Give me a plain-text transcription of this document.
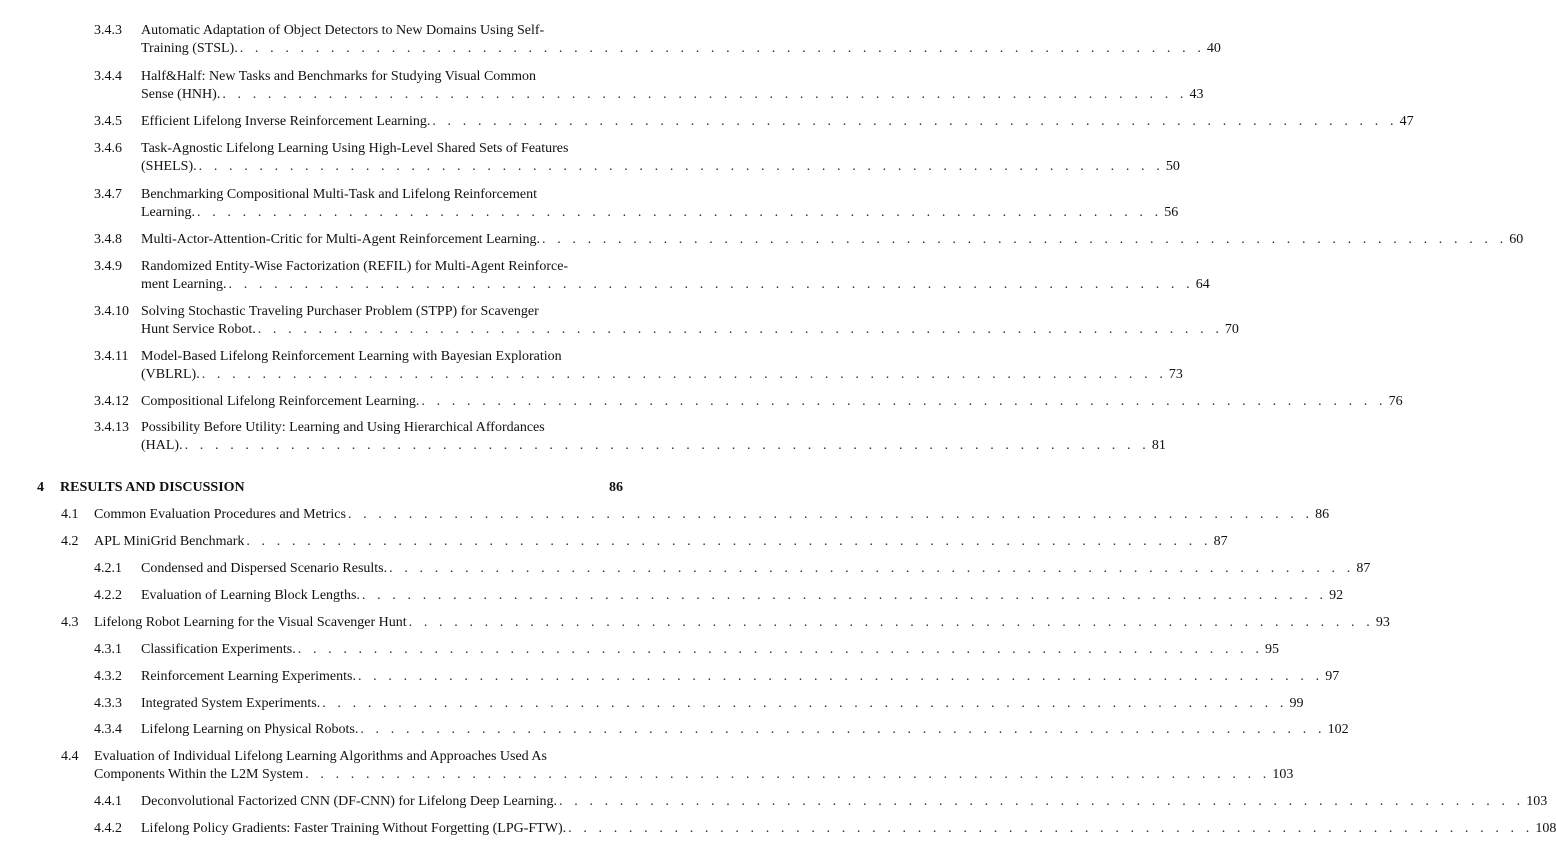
3.4.3 Automatic Adaptation of Object Detectors to New Domains Using Self-
Training (STSL). . . . . . . . . . . . . . . . . . . . . . . . . . . . . . . . . . . . . . . . . . . . . . . . . . . . . . . . . . . . . . . . . 40
3.4.4 Half&Half: New Tasks and Benchmarks for Studying Visual Common
Sense (HNH). . . . . . . . . . . . . . . . . . . . . . . . . . . . . . . . . . . . . . . . . . . . . . . . . . . . . . . . . . . . . . . . . 43
3.4.5 Efficient Lifelong Inverse Reinforcement Learning. . . . . . . . . . . . . . . . . . . . . . . . . . . . . . . . . . . . . . . . . . . . . . . . . . . . . . . . . . . . . . . . . 47
3.4.6 Task-Agnostic Lifelong Learning Using High-Level Shared Sets of Features
(SHELS). . . . . . . . . . . . . . . . . . . . . . . . . . . . . . . . . . . . . . . . . . . . . . . . . . . . . . . . . . . . . . . . . 50
3.4.7 Benchmarking Compositional Multi-Task and Lifelong Reinforcement
Learning. . . . . . . . . . . . . . . . . . . . . . . . . . . . . . . . . . . . . . . . . . . . . . . . . . . . . . . . . . . . . . . . . 56
3.4.8 Multi-Actor-Attention-Critic for Multi-Agent Reinforcement Learning. . . . . . . . . . . . . . . . . . . . . . . . . . . . . . . . . . . . . . . . . . . . . . . . . . . . . . . . . . . . . . . . . 60
3.4.9 Randomized Entity-Wise Factorization (REFIL) for Multi-Agent Reinforce-
ment Learning. . . . . . . . . . . . . . . . . . . . . . . . . . . . . . . . . . . . . . . . . . . . . . . . . . . . . . . . . . . . . . . . . 64
3.4.10 Solving Stochastic Traveling Purchaser Problem (STPP) for Scavenger
Hunt Service Robot. . . . . . . . . . . . . . . . . . . . . . . . . . . . . . . . . . . . . . . . . . . . . . . . . . . . . . . . . . . . . . . . . 70
3.4.11 Model-Based Lifelong Reinforcement Learning with Bayesian Exploration
(VBLRL). . . . . . . . . . . . . . . . . . . . . . . . . . . . . . . . . . . . . . . . . . . . . . . . . . . . . . . . . . . . . . . . . 73
3.4.12 Compositional Lifelong Reinforcement Learning. . . . . . . . . . . . . . . . . . . . . . . . . . . . . . . . . . . . . . . . . . . . . . . . . . . . . . . . . . . . . . . . . 76
3.4.13 Possibility Before Utility: Learning and Using Hierarchical Affordances
(HAL). . . . . . . . . . . . . . . . . . . . . . . . . . . . . . . . . . . . . . . . . . . . . . . . . . . . . . . . . . . . . . . . . 81
4 RESULTS AND DISCUSSION	86
4.1 Common Evaluation Procedures and Metrics . . . . . . . . . . . . . . . . . . . . . . . . . . . . . . . . . . . . . . . . . . . . . . . . . . . . . . . . . . . . . . . . 86
4.2 APL MiniGrid Benchmark . . . . . . . . . . . . . . . . . . . . . . . . . . . . . . . . . . . . . . . . . . . . . . . . . . . . . . . . . . . . . . . . 87
4.2.1 Condensed and Dispersed Scenario Results. . . . . . . . . . . . . . . . . . . . . . . . . . . . . . . . . . . . . . . . . . . . . . . . . . . . . . . . . . . . . . . . . 87
4.2.2 Evaluation of Learning Block Lengths. . . . . . . . . . . . . . . . . . . . . . . . . . . . . . . . . . . . . . . . . . . . . . . . . . . . . . . . . . . . . . . . . 92
4.3 Lifelong Robot Learning for the Visual Scavenger Hunt . . . . . . . . . . . . . . . . . . . . . . . . . . . . . . . . . . . . . . . . . . . . . . . . . . . . . . . . . . . . . . . . 93
4.3.1 Classification Experiments. . . . . . . . . . . . . . . . . . . . . . . . . . . . . . . . . . . . . . . . . . . . . . . . . . . . . . . . . . . . . . . . . 95
4.3.2 Reinforcement Learning Experiments. . . . . . . . . . . . . . . . . . . . . . . . . . . . . . . . . . . . . . . . . . . . . . . . . . . . . . . . . . . . . . . . . 97
4.3.3 Integrated System Experiments. . . . . . . . . . . . . . . . . . . . . . . . . . . . . . . . . . . . . . . . . . . . . . . . . . . . . . . . . . . . . . . . . 99
4.3.4 Lifelong Learning on Physical Robots. . . . . . . . . . . . . . . . . . . . . . . . . . . . . . . . . . . . . . . . . . . . . . . . . . . . . . . . . . . . . . . . . 102
4.4 Evaluation of Individual Lifelong Learning Algorithms and Approaches Used As
Components Within the L2M System . . . . . . . . . . . . . . . . . . . . . . . . . . . . . . . . . . . . . . . . . . . . . . . . . . . . . . . . . . . . . . . . 103
4.4.1 Deconvolutional Factorized CNN (DF-CNN) for Lifelong Deep Learning. . . . . . . . . . . . . . . . . . . . . . . . . . . . . . . . . . . . . . . . . . . . . . . . . . . . . . . . . . . . . . . . . 103
4.4.2 Lifelong Policy Gradients: Faster Training Without Forgetting (LPG-FTW). . . . . . . . . . . . . . . . . . . . . . . . . . . . . . . . . . . . . . . . . . . . . . . . . . . . . . . . . . . . . . . . . 108
